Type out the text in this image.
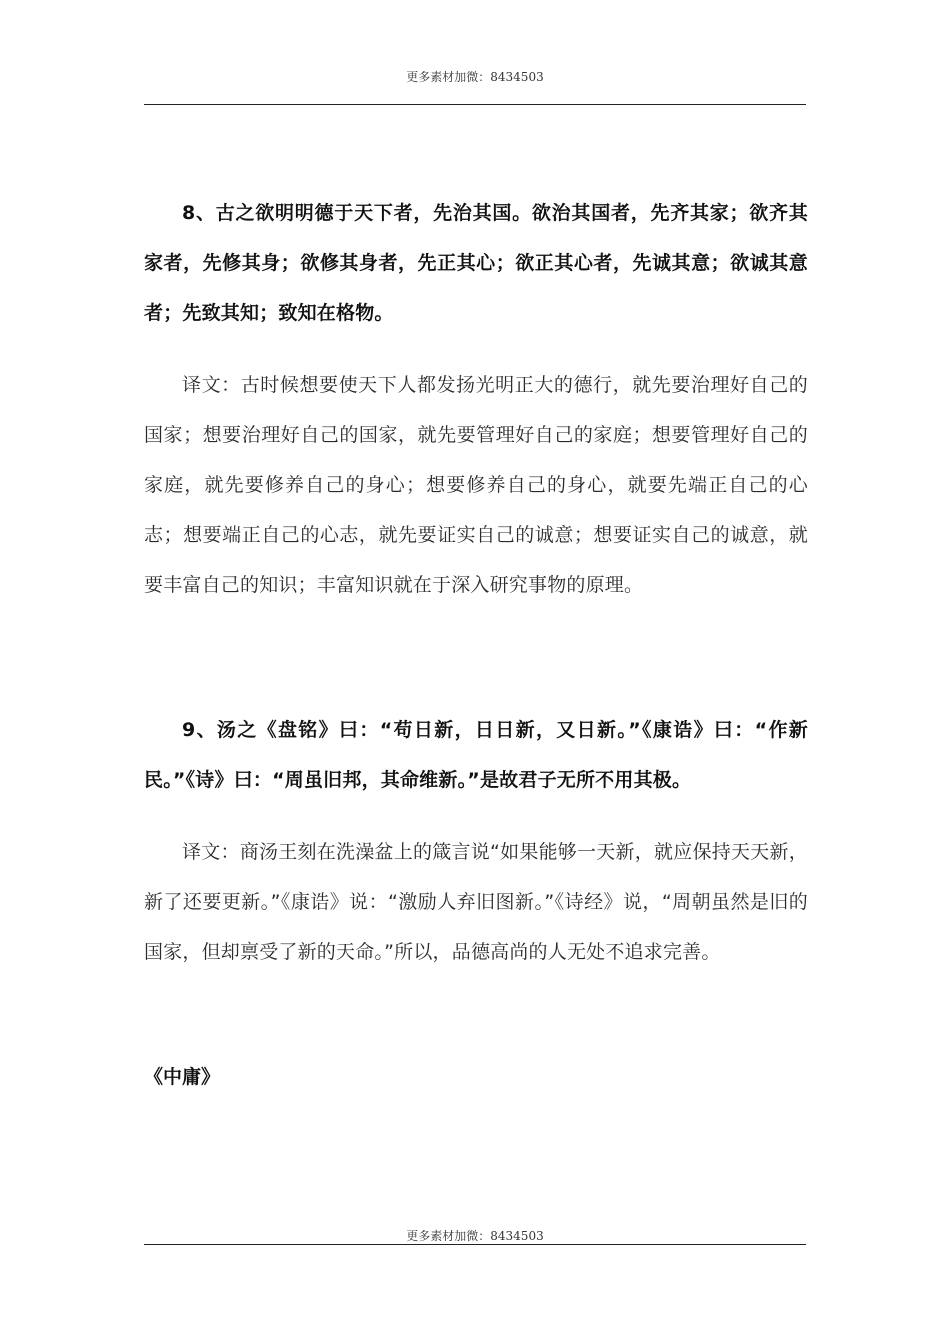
更多素材加微：8434503

8、古之欲明明德于天下者，先治其国。欲治其国者，先齐其家；欲齐其家者，先修其身；欲修其身者，先正其心；欲正其心者，先诚其意；欲诚其意者；先致其知；致知在格物。

译文：古时候想要使天下人都发扬光明正大的德行，就先要治理好自己的国家；想要治理好自己的国家，就先要管理好自己的家庭；想要管理好自己的家庭，就先要修养自己的身心；想要修养自己的身心，就要先端正自己的心志；想要端正自己的心志，就先要证实自己的诚意；想要证实自己的诚意，就要丰富自己的知识；丰富知识就在于深入研究事物的原理。

9、汤之《盘铭》曰：“苟日新，日日新，又日新。”《康诰》曰：“作新民。”《诗》曰：“周虽旧邦，其命维新。”是故君子无所不用其极。

译文：商汤王刻在洗澡盆上的箴言说“如果能够一天新，就应保持天天新，新了还要更新。”《康诰》说：“激励人弃旧图新。”《诗经》说，“周朝虽然是旧的国家，但却禀受了新的天命。”所以，品德高尚的人无处不追求完善。

《中庸》
更多素材加微：8434503
